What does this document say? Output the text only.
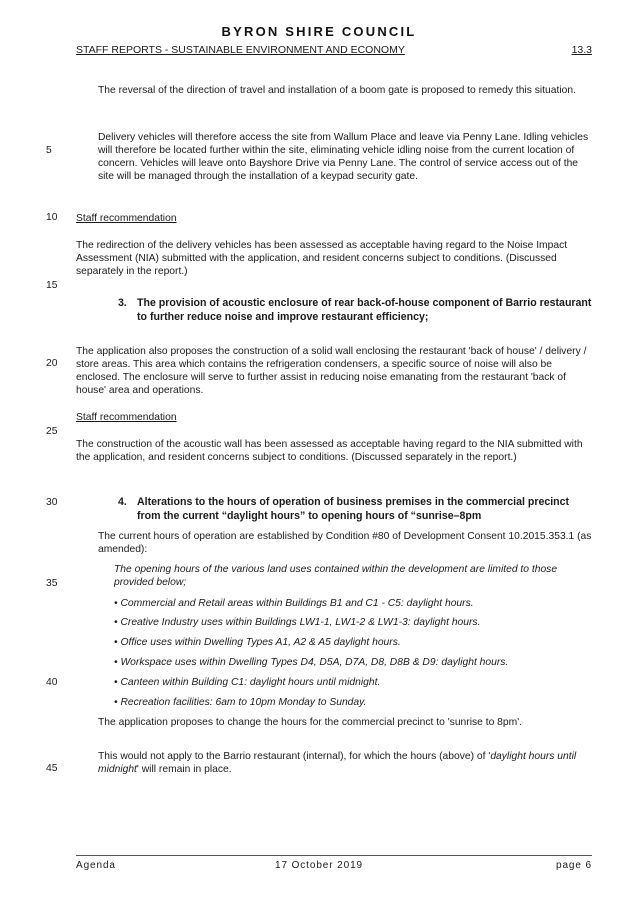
BYRON SHIRE COUNCIL
STAFF REPORTS - SUSTAINABLE ENVIRONMENT AND ECONOMY	13.3
5
10
15
20
25
30
35
40
45
The reversal of the direction of travel and installation of a boom gate is proposed to remedy this situation.
Delivery vehicles will therefore access the site from Wallum Place and leave via Penny Lane. Idling vehicles will therefore be located further within the site, eliminating vehicle idling noise from the current location of concern. Vehicles will leave onto Bayshore Drive via Penny Lane. The control of service access out of the site will be managed through the installation of a keypad security gate.
Staff recommendation
The redirection of the delivery vehicles has been assessed as acceptable having regard to the Noise Impact Assessment (NIA) submitted with the application, and resident concerns subject to conditions. (Discussed separately in the report.)
3. The provision of acoustic enclosure of rear back-of-house component of Barrio restaurant to further reduce noise and improve restaurant efficiency;
The application also proposes the construction of a solid wall enclosing the restaurant 'back of house' / delivery / store areas. This area which contains the refrigeration condensers, a specific source of noise will also be enclosed. The enclosure will serve to further assist in reducing noise emanating from the restaurant 'back of house' area and operations.
Staff recommendation
The construction of the acoustic wall has been assessed as acceptable having regard to the NIA submitted with the application, and resident concerns subject to conditions. (Discussed separately in the report.)
4. Alterations to the hours of operation of business premises in the commercial precinct from the current “daylight hours” to opening hours of “sunrise–8pm
The current hours of operation are established by Condition #80 of Development Consent 10.2015.353.1 (as amended):
The opening hours of the various land uses contained within the development are limited to those provided below;
• Commercial and Retail areas within Buildings B1 and C1 - C5: daylight hours.
• Creative Industry uses within Buildings LW1-1, LW1-2 & LW1-3: daylight hours.
• Office uses within Dwelling Types A1, A2 & A5 daylight hours.
• Workspace uses within Dwelling Types D4, D5A, D7A, D8, D8B & D9: daylight hours.
• Canteen within Building C1: daylight hours until midnight.
• Recreation facilities: 6am to 10pm Monday to Sunday.
The application proposes to change the hours for the commercial precinct to 'sunrise to 8pm'.
This would not apply to the Barrio restaurant (internal), for which the hours (above) of 'daylight hours until midnight' will remain in place.
Agenda	17 October 2019	page 6
